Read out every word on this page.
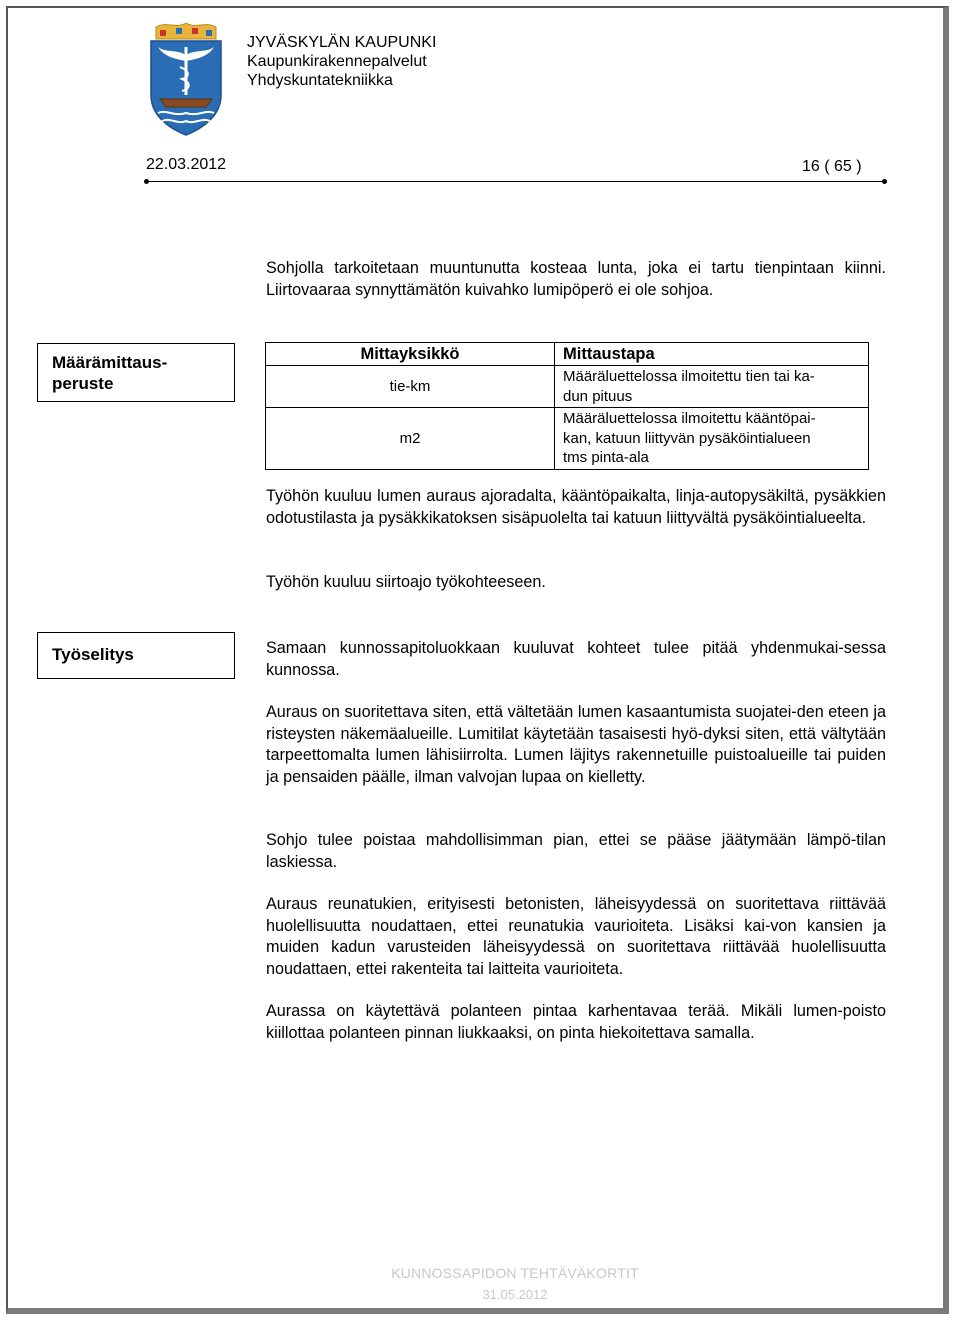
JYVÄSKYLÄN KAUPUNKI
Kaupunkirakennepalvelut
Yhdyskuntatekniikka
22.03.2012	16 ( 65 )
Sohjolla tarkoitetaan muuntunutta kosteaa lunta, joka ei tartu tienpintaan kiinni. Liirtovaaraa synnyttämätön kuivahko lumipöperö ei ole sohjoa.
Määrämittaus-
peruste
Mittayksikkö	Mittaustapa
tie-km	Määräluettelossa ilmoitettu tien tai ka-
dun pituus

m2	Määräluettelossa ilmoitettu kääntöpai-
kan, katuun liittyvän pysäköintialueen
tms pinta-ala
Työhön kuuluu lumen auraus ajoradalta, kääntöpaikalta, linja-autopysäkiltä, pysäkkien odotustilasta ja pysäkkikatoksen sisäpuolelta tai katuun liittyvältä pysäköintialueelta.
Työhön kuuluu siirtoajo työkohteeseen.
Työselitys	Samaan kunnossapitoluokkaan kuuluvat kohteet tulee pitää yhdenmukai-sessa kunnossa.
Auraus on suoritettava siten, että vältetään lumen kasaantumista suojatei-den eteen ja risteysten näkemäalueille. Lumitilat käytetään tasaisesti hyö-dyksi siten, että vältytään tarpeettomalta lumen lähisiirrolta. Lumen läjitys rakennetuille puistoalueille tai puiden ja pensaiden päälle, ilman valvojan lupaa on kielletty.
Sohjo tulee poistaa mahdollisimman pian, ettei se pääse jäätymään lämpö-tilan laskiessa.
Auraus reunatukien, erityisesti betonisten, läheisyydessä on suoritettava riittävää huolellisuutta noudattaen, ettei reunatukia vaurioiteta. Lisäksi kai-von kansien ja muiden kadun varusteiden läheisyydessä on suoritettava riittävää huolellisuutta noudattaen, ettei rakenteita tai laitteita vaurioiteta.
Aurassa on käytettävä polanteen pintaa karhentavaa terää. Mikäli lumen-poisto kiillottaa polanteen pinnan liukkaaksi, on pinta hiekoitettava samalla.
KUNNOSSAPIDON TEHTÄVÄKORTIT
31.05.2012
